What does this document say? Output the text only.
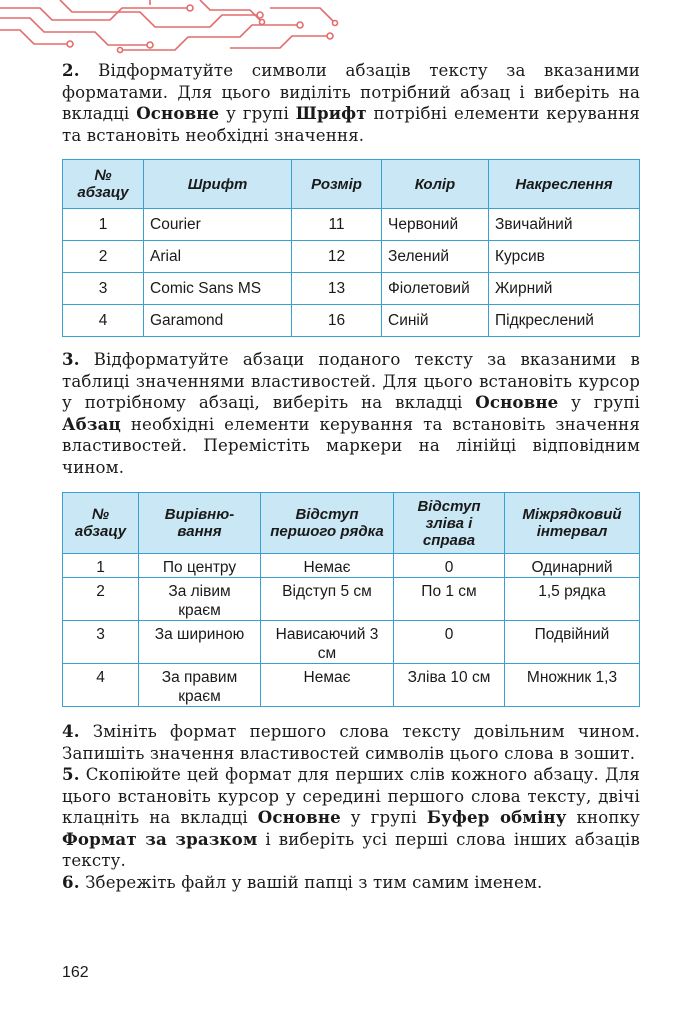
2. Відформатуйте символи абзаців тексту за вказаними форматами. Для цього виділіть потрібний абзац і виберіть на вкладці Основне у групі Шрифт потрібні елементи керування та встановіть необхідні значення.

№ абзацу	Шрифт	Розмір	Колір	Накреслення
1	Courier	11	Червоний	Звичайний
2	Arial	12	Зелений	Курсив
3	Comic Sans MS	13	Фіолетовий	Жирний
4	Garamond	16	Синій	Підкреслений

3. Відформатуйте абзаци поданого тексту за вказаними в таблиці значеннями властивостей. Для цього встановіть курсор у потрібному абзаці, виберіть на вкладці Основне у групі Абзац необхідні елементи керування та встановіть значення властивостей. Перемістіть маркери на лінійці відповідним чином.

№ абзацу	Вирівню-вання	Відступ першого рядка	Відступ зліва і справа	Міжрядковий інтервал
1	По центру	Немає	0	Одинарний
2	За лівим краєм	Відступ 5 см	По 1 см	1,5 рядка
3	За шириною	Нависаючий 3 см	0	Подвійний
4	За правим краєм	Немає	Зліва 10 см	Множник 1,3

4. Змініть формат першого слова тексту довільним чином. Запишіть значення властивостей символів цього слова в зошит.

5. Скопіюйте цей формат для перших слів кожного абзацу. Для цього встановіть курсор у середині першого слова тексту, двічі клацніть на вкладці Основне у групі Буфер обміну кнопку Формат за зразком і виберіть усі перші слова інших абзаців тексту.

6. Збережіть файл у вашій папці з тим самим іменем.

162
